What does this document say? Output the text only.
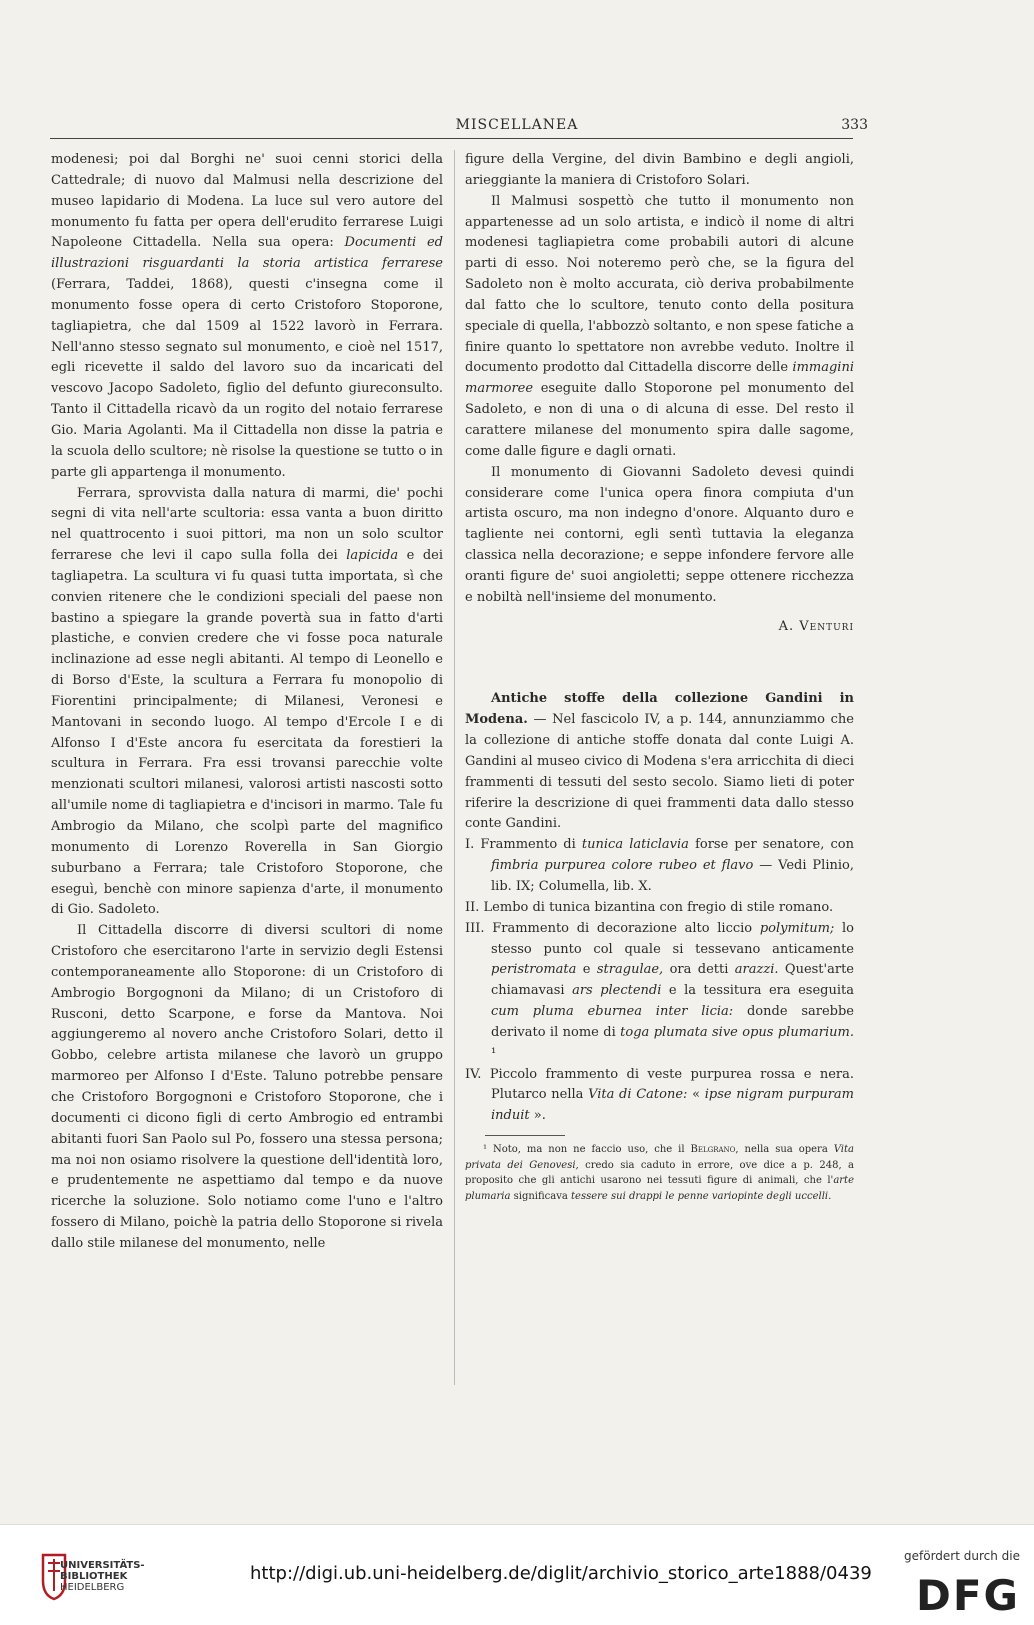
MISCELLANEA	333

modenesi; poi dal Borghi ne' suoi cenni storici della Cattedrale; di nuovo dal Malmusi nella descrizione del museo lapidario di Modena. La luce sul vero autore del monumento fu fatta per opera dell'erudito ferrarese Luigi Napoleone Cittadella. Nella sua opera: Documenti ed illustrazioni risguardanti la storia artistica ferrarese (Ferrara, Taddei, 1868), questi c'insegna come il monumento fosse opera di certo Cristoforo Stoporone, tagliapietra, che dal 1509 al 1522 lavorò in Ferrara. Nell'anno stesso segnato sul monumento, e cioè nel 1517, egli ricevette il saldo del lavoro suo da incaricati del vescovo Jacopo Sadoleto, figlio del defunto giureconsulto. Tanto il Cittadella ricavò da un rogito del notaio ferrarese Gio. Maria Agolanti. Ma il Cittadella non disse la patria e la scuola dello scultore; nè risolse la questione se tutto o in parte gli appartenga il monumento.

Ferrara, sprovvista dalla natura di marmi, die' pochi segni di vita nell'arte scultoria: essa vanta a buon diritto nel quattrocento i suoi pittori, ma non un solo scultor ferrarese che levi il capo sulla folla dei lapicida e dei tagliapetra. La scultura vi fu quasi tutta importata, sì che convien ritenere che le condizioni speciali del paese non bastino a spiegare la grande povertà sua in fatto d'arti plastiche, e convien credere che vi fosse poca naturale inclinazione ad esse negli abitanti. Al tempo di Leonello e di Borso d'Este, la scultura a Ferrara fu monopolio di Fiorentini principalmente; di Milanesi, Veronesi e Mantovani in secondo luogo. Al tempo d'Ercole I e di Alfonso I d'Este ancora fu esercitata da forestieri la scultura in Ferrara. Fra essi trovansi parecchie volte menzionati scultori milanesi, valorosi artisti nascosti sotto all'umile nome di tagliapietra e d'incisori in marmo. Tale fu Ambrogio da Milano, che scolpì parte del magnifico monumento di Lorenzo Roverella in San Giorgio suburbano a Ferrara; tale Cristoforo Stoporone, che eseguì, benchè con minore sapienza d'arte, il monumento di Gio. Sadoleto.

Il Cittadella discorre di diversi scultori di nome Cristoforo che esercitarono l'arte in servizio degli Estensi contemporaneamente allo Stoporone: di un Cristoforo di Ambrogio Borgognoni da Milano; di un Cristoforo di Rusconi, detto Scarpone, e forse da Mantova. Noi aggiungeremo al novero anche Cristoforo Solari, detto il Gobbo, celebre artista milanese che lavorò un gruppo marmoreo per Alfonso I d'Este. Taluno potrebbe pensare che Cristoforo Borgognoni e Cristoforo Stoporone, che i documenti ci dicono figli di certo Ambrogio ed entrambi abitanti fuori San Paolo sul Po, fossero una stessa persona; ma noi non osiamo risolvere la questione dell'identità loro, e prudentemente ne aspettiamo dal tempo e da nuove ricerche la soluzione. Solo notiamo come l'uno e l'altro fossero di Milano, poichè la patria dello Stoporone si rivela dallo stile milanese del monumento, nelle

figure della Vergine, del divin Bambino e degli angioli, arieggiante la maniera di Cristoforo Solari.

Il Malmusi sospettò che tutto il monumento non appartenesse ad un solo artista, e indicò il nome di altri modenesi tagliapietra come probabili autori di alcune parti di esso. Noi noteremo però che, se la figura del Sadoleto non è molto accurata, ciò deriva probabilmente dal fatto che lo scultore, tenuto conto della positura speciale di quella, l'abbozzò soltanto, e non spese fatiche a finire quanto lo spettatore non avrebbe veduto. Inoltre il documento prodotto dal Cittadella discorre delle immagini marmoree eseguite dallo Stoporone pel monumento del Sadoleto, e non di una o di alcuna di esse. Del resto il carattere milanese del monumento spira dalle sagome, come dalle figure e dagli ornati.

Il monumento di Giovanni Sadoleto devesi quindi considerare come l'unica opera finora compiuta d'un artista oscuro, ma non indegno d'onore. Alquanto duro e tagliente nei contorni, egli sentì tuttavia la eleganza classica nella decorazione; e seppe infondere fervore alle oranti figure de' suoi angioletti; seppe ottenere ricchezza e nobiltà nell'insieme del monumento.

A. Venturi

Antiche stoffe della collezione Gandini in Modena. — Nel fascicolo IV, a p. 144, annunziammo che la collezione di antiche stoffe donata dal conte Luigi A. Gandini al museo civico di Modena s'era arricchita di dieci frammenti di tessuti del sesto secolo. Siamo lieti di poter riferire la descrizione di quei frammenti data dallo stesso conte Gandini.

I. Frammento di tunica laticlavia forse per senatore, con fimbria purpurea colore rubeo et flavo — Vedi Plinio, lib. IX; Columella, lib. X.

II. Lembo di tunica bizantina con fregio di stile romano.

III. Frammento di decorazione alto liccio polymitum; lo stesso punto col quale si tessevano anticamente peristromata e stragulae, ora detti arazzi. Quest'arte chiamavasi ars plectendi e la tessitura era eseguita cum pluma eburnea inter licia: donde sarebbe derivato il nome di toga plumata sive opus plumarium. ¹

IV. Piccolo frammento di veste purpurea rossa e nera. Plutarco nella Vita di Catone: « ipse nigram purpuram induit ».

¹ Noto, ma non ne faccio uso, che il Belgrano, nella sua opera Vita privata dei Genovesi, credo sia caduto in errore, ove dice a p. 248, a proposito che gli antichi usarono nei tessuti figure di animali, che l'arte plumaria significava tessere sui drappi le penne variopinte degli uccelli.

UNIVERSITÄTS-
BIBLIOTHEK
HEIDELBERG
http://digi.ub.uni-heidelberg.de/diglit/archivio_storico_arte1888/0439
gefördert durch die
DFG
